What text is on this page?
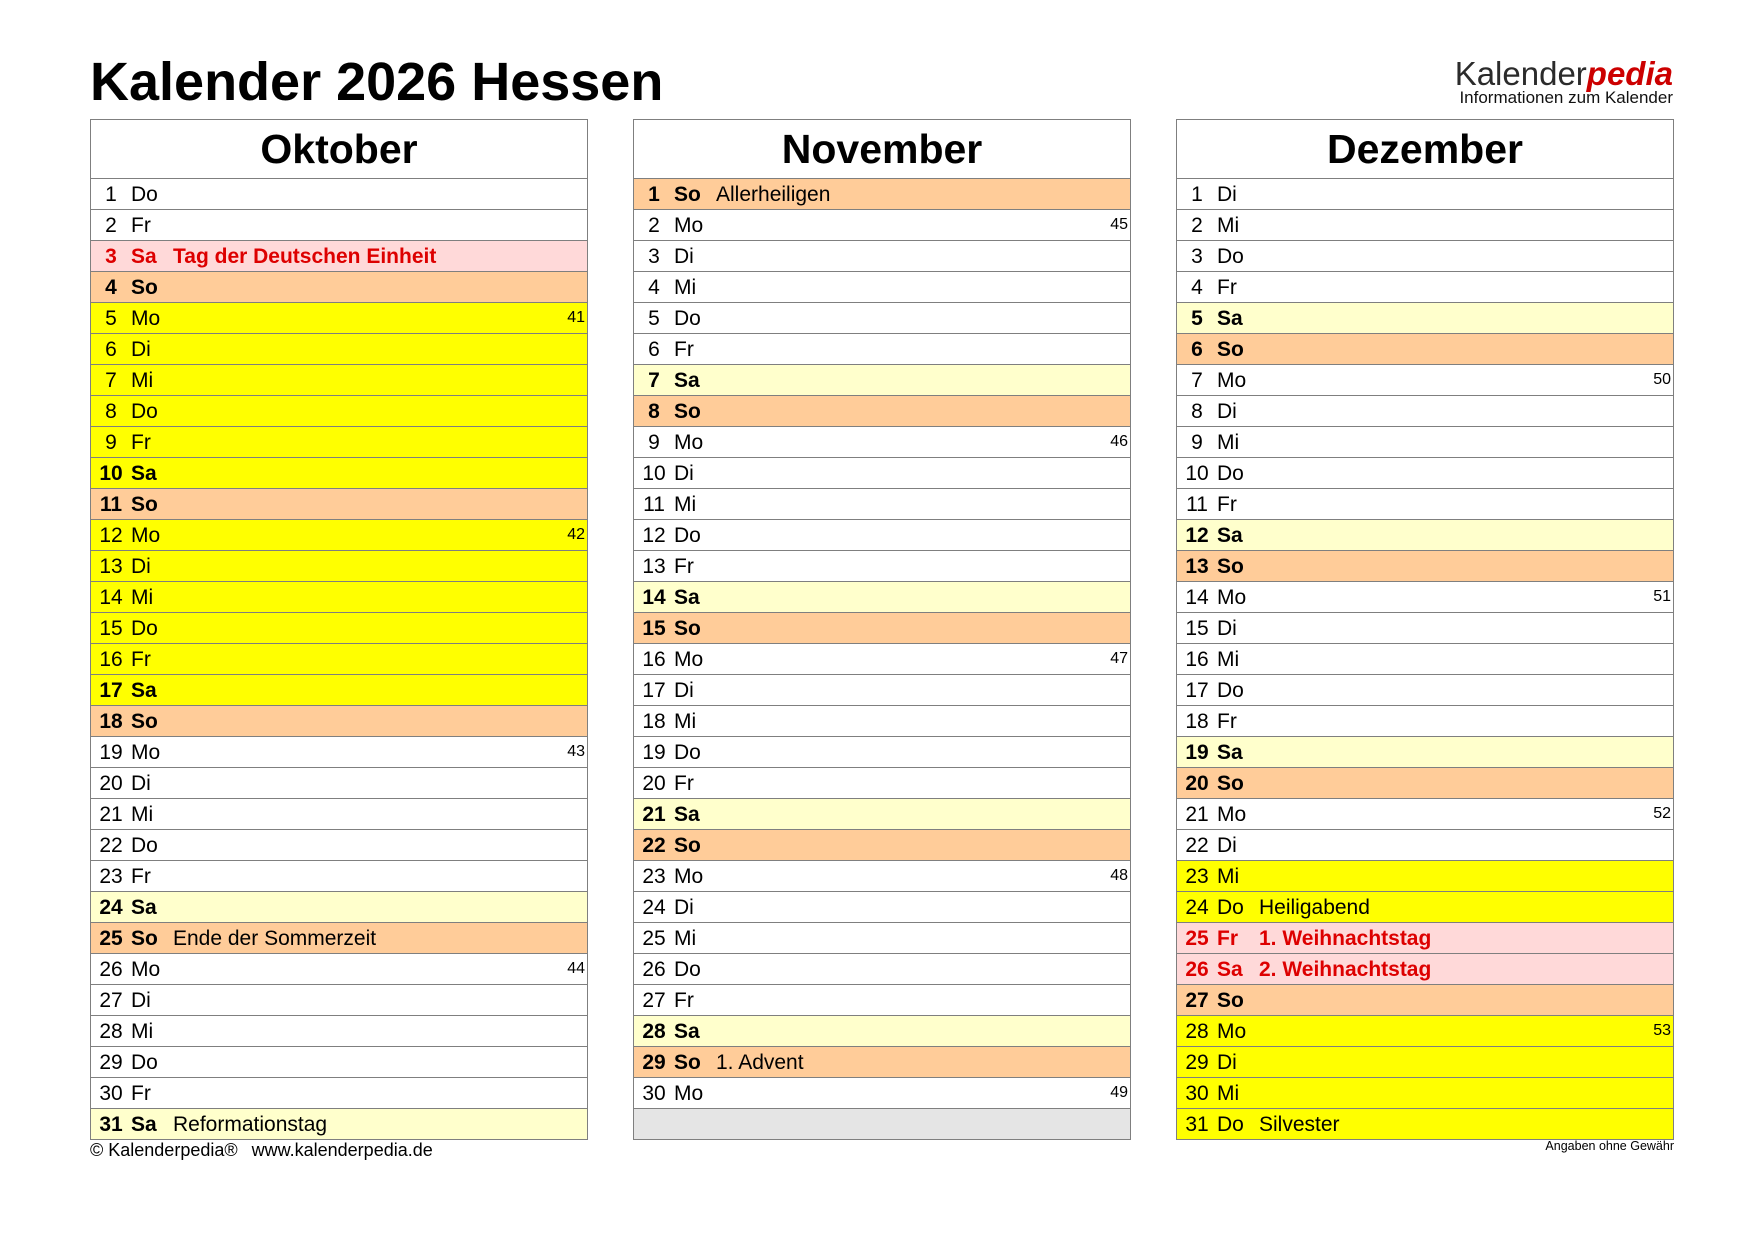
Kalender 2026 Hessen	Kalenderpedia
Informationen zum Kalender
Oktober
1 Do
2 Fr
3 Sa Tag der Deutschen Einheit
4 So
5 Mo	41
6 Di
7 Mi
8 Do
9 Fr
10 Sa
11 So
12 Mo	42
13 Di
14 Mi
15 Do
16 Fr
17 Sa
18 So
19 Mo	43
20 Di
21 Mi
22 Do
23 Fr
24 Sa
25 So Ende der Sommerzeit
26 Mo	44
27 Di
28 Mi
29 Do
30 Fr
31 Sa Reformationstag
November
1 So Allerheiligen
2 Mo	45
3 Di
4 Mi
5 Do
6 Fr
7 Sa
8 So
9 Mo	46
10 Di
11 Mi
12 Do
13 Fr
14 Sa
15 So
16 Mo	47
17 Di
18 Mi
19 Do
20 Fr
21 Sa
22 So
23 Mo	48
24 Di
25 Mi
26 Do
27 Fr
28 Sa
29 So 1. Advent
30 Mo	49
Dezember
1 Di
2 Mi
3 Do
4 Fr
5 Sa
6 So
7 Mo	50
8 Di
9 Mi
10 Do
11 Fr
12 Sa
13 So
14 Mo	51
15 Di
16 Mi
17 Do
18 Fr
19 Sa
20 So
21 Mo	52
22 Di
23 Mi
24 Do Heiligabend
25 Fr	1. Weihnachtstag
26 Sa 2. Weihnachtstag
27 So
28 Mo	53
29 Di
30 Mi
31 Do Silvester
© Kalenderpedia® www.kalenderpedia.de	Angaben ohne Gewähr
